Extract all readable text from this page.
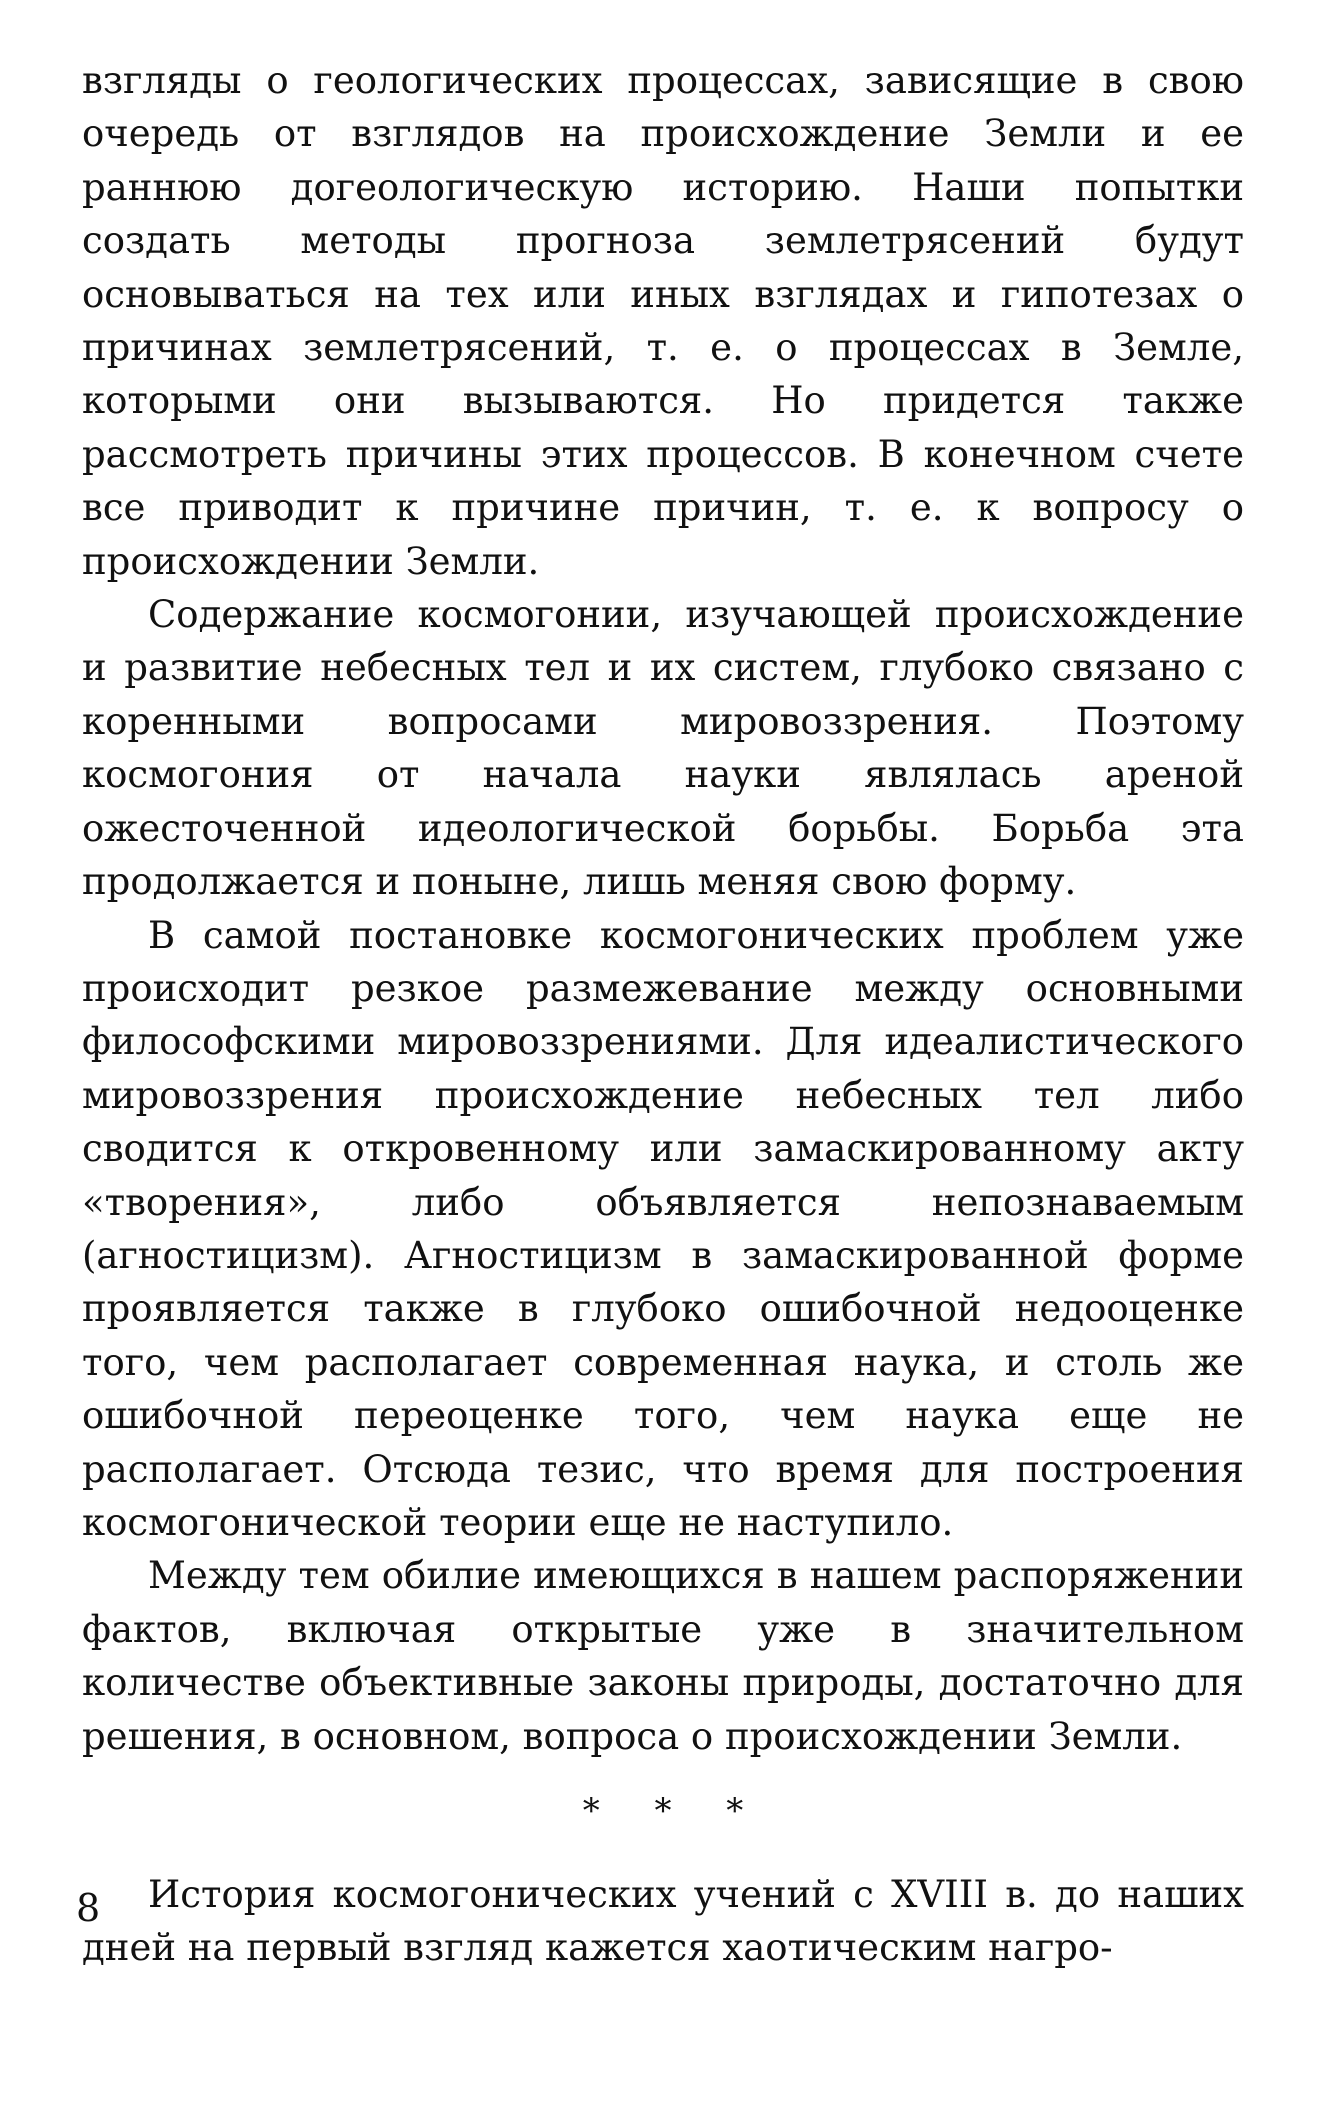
взгляды о геологических процессах, зависящие в свою очередь от взглядов на происхождение Земли и ее раннюю догеологическую историю. Наши попытки создать методы прогноза землетрясений будут основываться на тех или иных взглядах и гипотезах о причинах землетрясений, т. е. о процессах в Земле, которыми они вызываются. Но придется также рассмотреть причины этих процессов. В конечном счете все приводит к причине причин, т. е. к вопросу о происхождении Земли.

Содержание космогонии, изучающей происхождение и развитие небесных тел и их систем, глубоко связано с коренными вопросами мировоззрения. Поэтому космогония от начала науки являлась ареной ожесточенной идеологической борьбы. Борьба эта продолжается и поныне, лишь меняя свою форму.

В самой постановке космогонических проблем уже происходит резкое размежевание между основными философскими мировоззрениями. Для идеалистического мировоззрения происхождение небесных тел либо сводится к откровенному или замаскированному акту «творения», либо объявляется непознаваемым (агностицизм). Агностицизм в замаскированной форме проявляется также в глубоко ошибочной недооценке того, чем располагает современная наука, и столь же ошибочной переоценке того, чем наука еще не располагает. Отсюда тезис, что время для построения космогонической теории еще не наступило.

Между тем обилие имеющихся в нашем распоряжении фактов, включая открытые уже в значительном количестве объективные законы природы, достаточно для решения, в основном, вопроса о происхождении Земли.

* * *

История космогонических учений с XVIII в. до наших дней на первый взгляд кажется хаотическим нагро-

8
